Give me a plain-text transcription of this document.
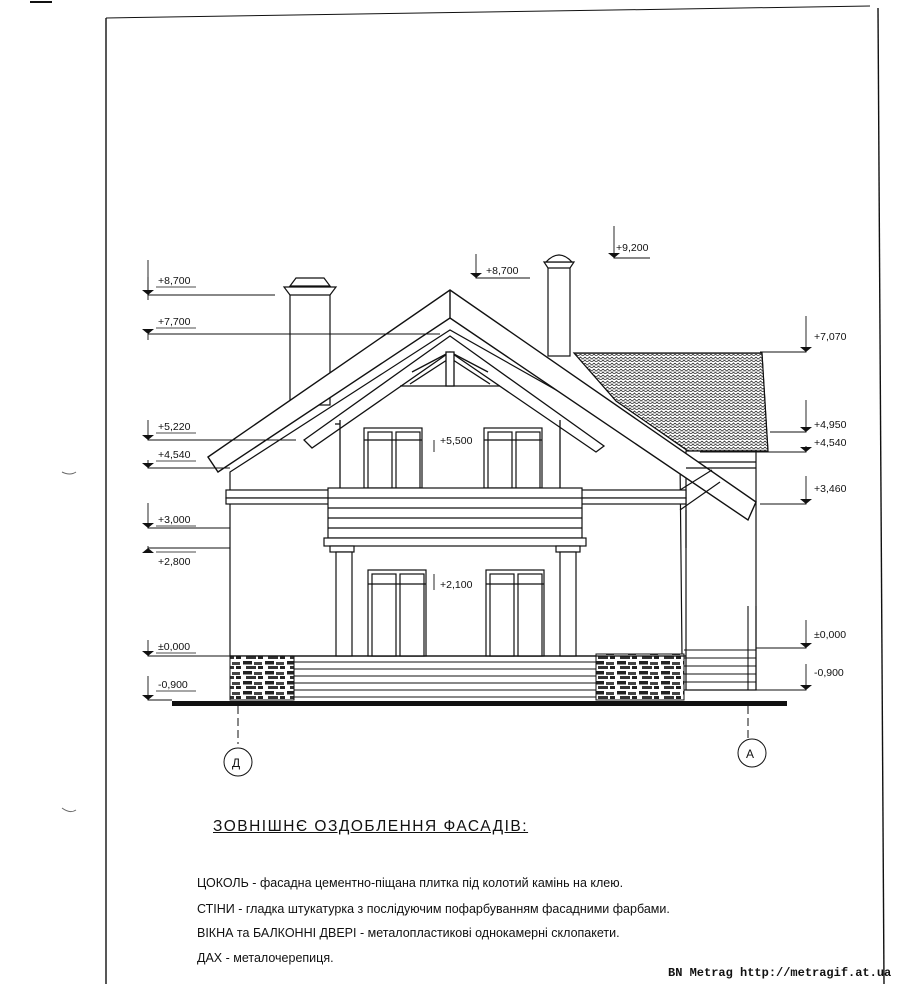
+8,700
+7,700
+5,220
+4,540
+3,000
+2,800
±0,000
-0,900
+9,200
+8,700
+5,500
+2,100
+7,070
+4,950
+4,540
+3,460
±0,000
-0,900
Д
А
ЗОВНІШНЄ ОЗДОБЛЕННЯ ФАСАДІВ:
ЦОКОЛЬ - фасадна цементно-піщана плитка під колотий камінь на клею.
СТІНИ - гладка штукатурка з послідуючим пофарбуванням фасадними фарбами.
ВІКНА та БАЛКОННІ ДВЕРІ - металопластикові однокамерні склопакети.
ДАХ - металочерепиця.
BN Metrag http://metragif.at.ua
